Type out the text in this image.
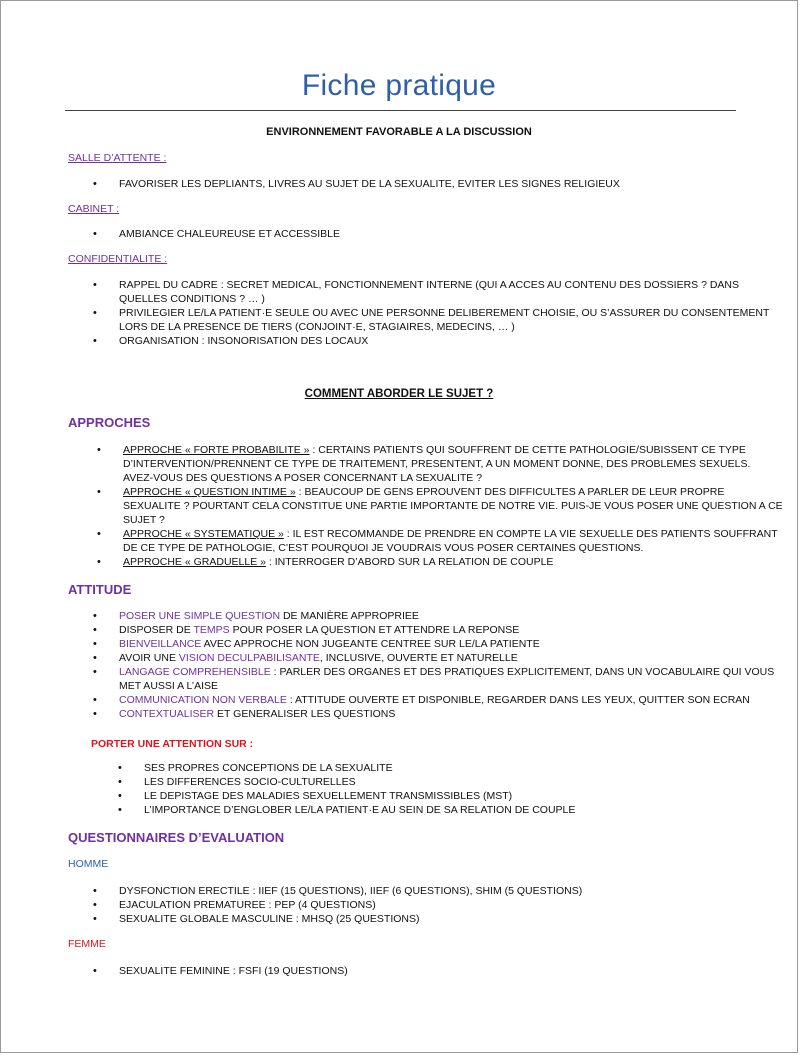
Fiche pratique
ENVIRONNEMENT FAVORABLE A LA DISCUSSION
SALLE D’ATTENTE :
• FAVORISER LES DEPLIANTS, LIVRES AU SUJET DE LA SEXUALITE, EVITER LES SIGNES RELIGIEUX
CABINET :
• AMBIANCE CHALEUREUSE ET ACCESSIBLE
CONFIDENTIALITE :
• RAPPEL DU CADRE : SECRET MEDICAL, FONCTIONNEMENT INTERNE (QUI A ACCES AU CONTENU DES DOSSIERS ? DANS
QUELLES CONDITIONS ? … )
• PRIVILEGIER LE/LA PATIENT·E SEULE OU AVEC UNE PERSONNE DELIBEREMENT CHOISIE, OU S’ASSURER DU CONSENTEMENT
LORS DE LA PRESENCE DE TIERS (CONJOINT·E, STAGIAIRES, MEDECINS, … )
• ORGANISATION : INSONORISATION DES LOCAUX
COMMENT ABORDER LE SUJET ?
APPROCHES
• APPROCHE « FORTE PROBABILITE » : CERTAINS PATIENTS QUI SOUFFRENT DE CETTE PATHOLOGIE/SUBISSENT CE TYPE
D’INTERVENTION/PRENNENT CE TYPE DE TRAITEMENT, PRESENTENT, A UN MOMENT DONNE, DES PROBLEMES SEXUELS.
AVEZ-VOUS DES QUESTIONS A POSER CONCERNANT LA SEXUALITE ?
• APPROCHE « QUESTION INTIME » : BEAUCOUP DE GENS EPROUVENT DES DIFFICULTES A PARLER DE LEUR PROPRE
SEXUALITE ? POURTANT CELA CONSTITUE UNE PARTIE IMPORTANTE DE NOTRE VIE. PUIS-JE VOUS POSER UNE QUESTION A CE
SUJET ?
• APPROCHE « SYSTEMATIQUE » : IL EST RECOMMANDE DE PRENDRE EN COMPTE LA VIE SEXUELLE DES PATIENTS SOUFFRANT
DE CE TYPE DE PATHOLOGIE, C’EST POURQUOI JE VOUDRAIS VOUS POSER CERTAINES QUESTIONS.
• APPROCHE « GRADUELLE » : INTERROGER D’ABORD SUR LA RELATION DE COUPLE
ATTITUDE
• POSER UNE SIMPLE QUESTION DE MANIÈRE APPROPRIEE
• DISPOSER DE TEMPS POUR POSER LA QUESTION ET ATTENDRE LA REPONSE
• BIENVEILLANCE AVEC APPROCHE NON JUGEANTE CENTREE SUR LE/LA PATIENTE
• AVOIR UNE VISION DECULPABILISANTE, INCLUSIVE, OUVERTE ET NATURELLE
• LANGAGE COMPREHENSIBLE : PARLER DES ORGANES ET DES PRATIQUES EXPLICITEMENT, DANS UN VOCABULAIRE QUI VOUS
MET AUSSI A L’AISE
• COMMUNICATION NON VERBALE : ATTITUDE OUVERTE ET DISPONIBLE, REGARDER DANS LES YEUX, QUITTER SON ECRAN
• CONTEXTUALISER ET GENERALISER LES QUESTIONS
PORTER UNE ATTENTION SUR :
• SES PROPRES CONCEPTIONS DE LA SEXUALITE
• LES DIFFERENCES SOCIO-CULTURELLES
• LE DEPISTAGE DES MALADIES SEXUELLEMENT TRANSMISSIBLES (MST)
• L’IMPORTANCE D’ENGLOBER LE/LA PATIENT·E AU SEIN DE SA RELATION DE COUPLE
QUESTIONNAIRES D’EVALUATION
HOMME
• DYSFONCTION ERECTILE : IIEF (15 QUESTIONS), IIEF (6 QUESTIONS), SHIM (5 QUESTIONS)
• EJACULATION PREMATUREE : PEP (4 QUESTIONS)
• SEXUALITE GLOBALE MASCULINE : MHSQ (25 QUESTIONS)
FEMME
• SEXUALITE FEMININE : FSFI (19 QUESTIONS)
